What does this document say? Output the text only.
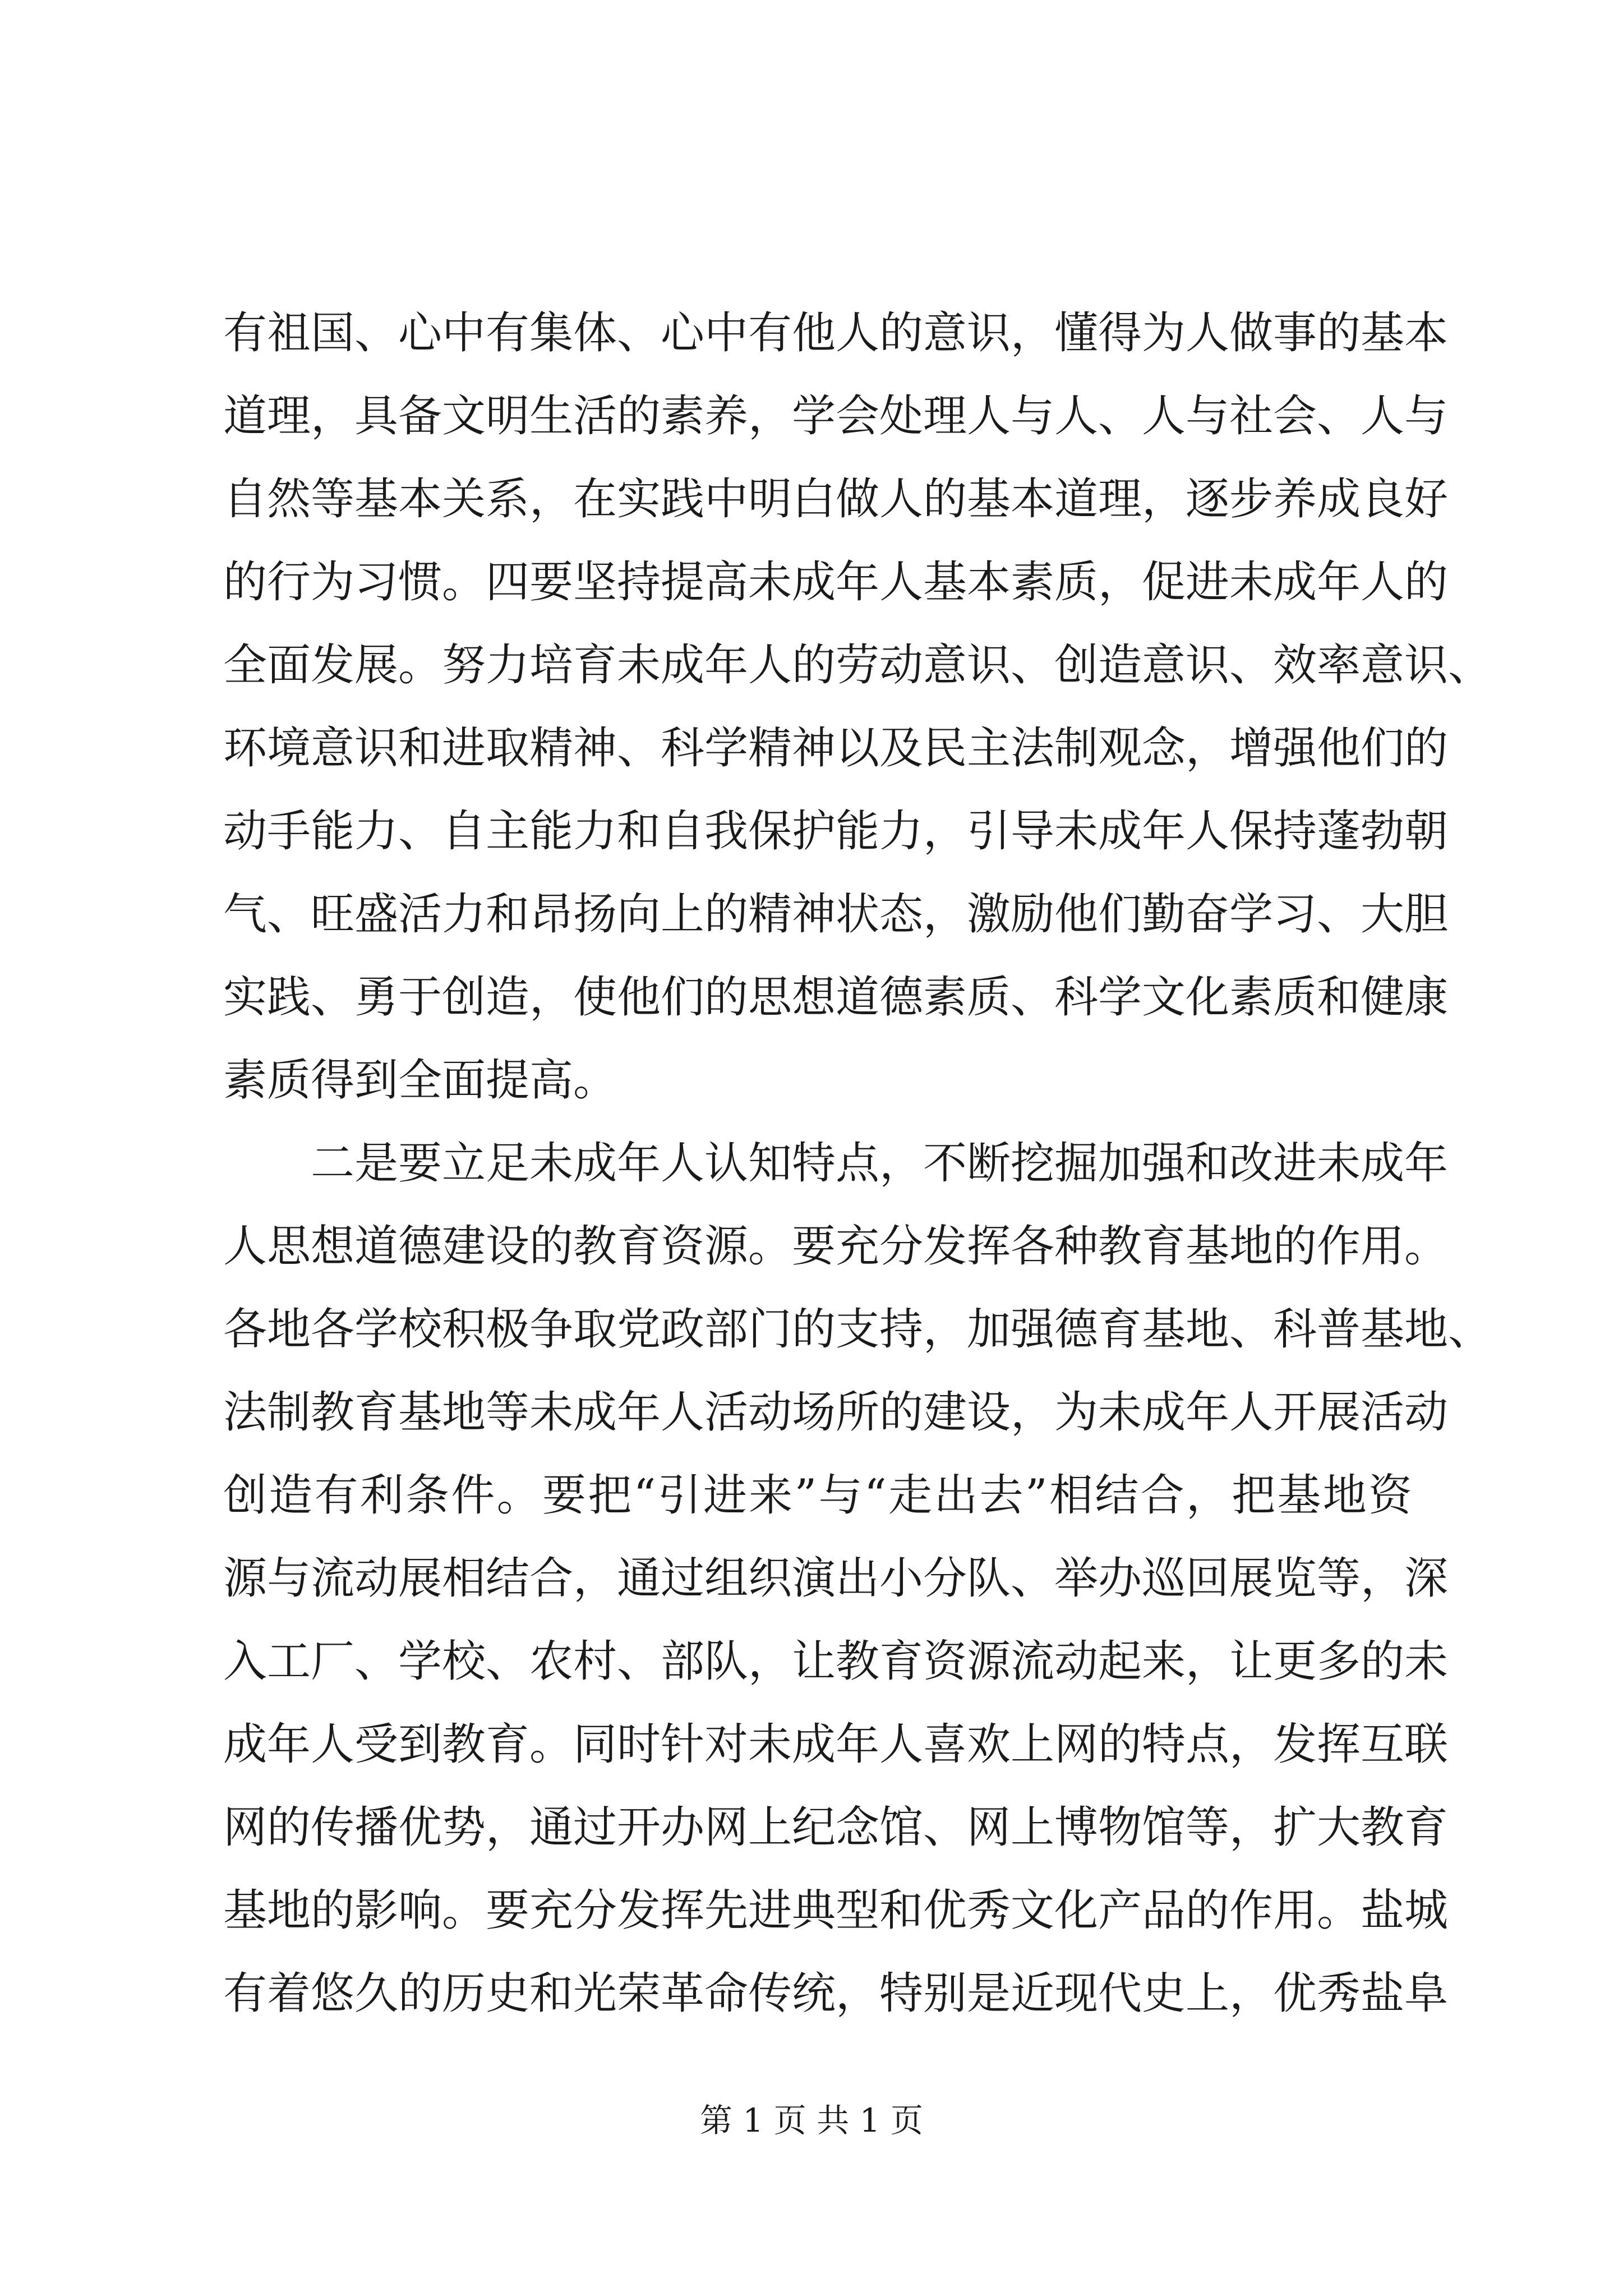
有祖国、心中有集体、心中有他人的意识，懂得为人做事的基本
道理，具备文明生活的素养，学会处理人与人、人与社会、人与
自然等基本关系，在实践中明白做人的基本道理，逐步养成良好
的行为习惯。四要坚持提高未成年人基本素质，促进未成年人的
全面发展。努力培育未成年人的劳动意识、创造意识、效率意识、
环境意识和进取精神、科学精神以及民主法制观念，增强他们的
动手能力、自主能力和自我保护能力，引导未成年人保持蓬勃朝
气、旺盛活力和昂扬向上的精神状态，激励他们勤奋学习、大胆
实践、勇于创造，使他们的思想道德素质、科学文化素质和健康
素质得到全面提高。
二是要立足未成年人认知特点，不断挖掘加强和改进未成年
人思想道德建设的教育资源。要充分发挥各种教育基地的作用。
各地各学校积极争取党政部门的支持，加强德育基地、科普基地、
法制教育基地等未成年人活动场所的建设，为未成年人开展活动
创造有利条件。要把“引进来”与“走出去”相结合，把基地资
源与流动展相结合，通过组织演出小分队、举办巡回展览等，深
入工厂、学校、农村、部队，让教育资源流动起来，让更多的未
成年人受到教育。同时针对未成年人喜欢上网的特点，发挥互联
网的传播优势，通过开办网上纪念馆、网上博物馆等，扩大教育
基地的影响。要充分发挥先进典型和优秀文化产品的作用。盐城
有着悠久的历史和光荣革命传统，特别是近现代史上，优秀盐阜
第 1 页 共 1 页
